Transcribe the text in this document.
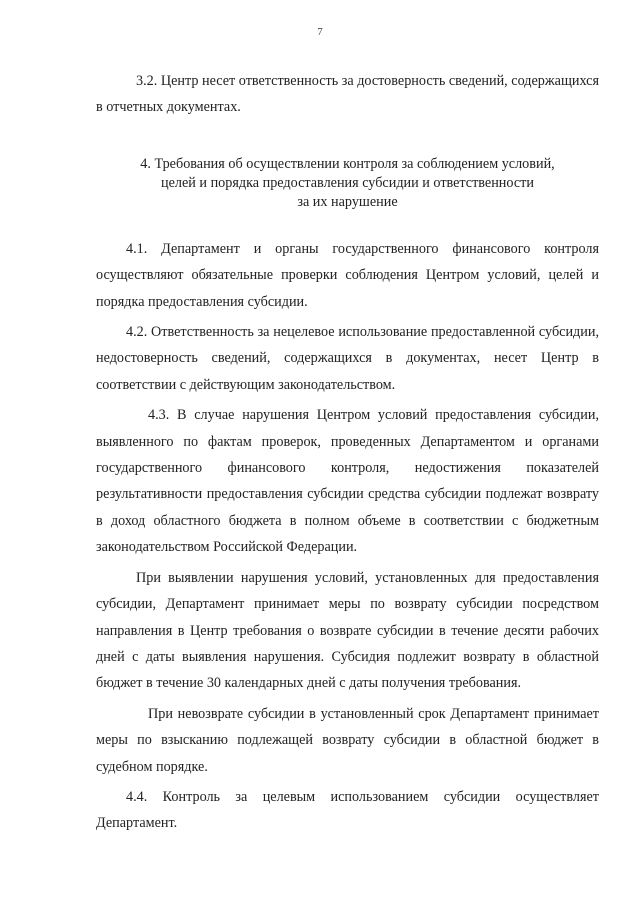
7

3.2. Центр несет ответственность за достоверность сведений, содержащихся в отчетных документах.

4. Требования об осуществлении контроля за соблюдением условий,
целей и порядка предоставления субсидии и ответственности
за их нарушение

4.1. Департамент и органы государственного финансового контроля осуществляют обязательные проверки соблюдения Центром условий, целей и порядка предоставления субсидии.

4.2. Ответственность за нецелевое использование предоставленной субсидии, недостоверность сведений, содержащихся в документах, несет Центр в соответствии с действующим законодательством.

4.3. В случае нарушения Центром условий предоставления субсидии, выявленного по фактам проверок, проведенных Департаментом и органами государственного финансового контроля, недостижения показателей результативности предоставления субсидии средства субсидии подлежат возврату в доход областного бюджета в полном объеме в соответствии с бюджетным законодательством Российской Федерации.

При выявлении нарушения условий, установленных для предоставления субсидии, Департамент принимает меры по возврату субсидии посредством направления в Центр требования о возврате субсидии в течение десяти рабочих дней с даты выявления нарушения. Субсидия подлежит возврату в областной бюджет в течение 30 календарных дней с даты получения требования.

При невозврате субсидии в установленный срок Департамент принимает меры по взысканию подлежащей возврату субсидии в областной бюджет в судебном порядке.

4.4. Контроль за целевым использованием субсидии осуществляет Департамент.
